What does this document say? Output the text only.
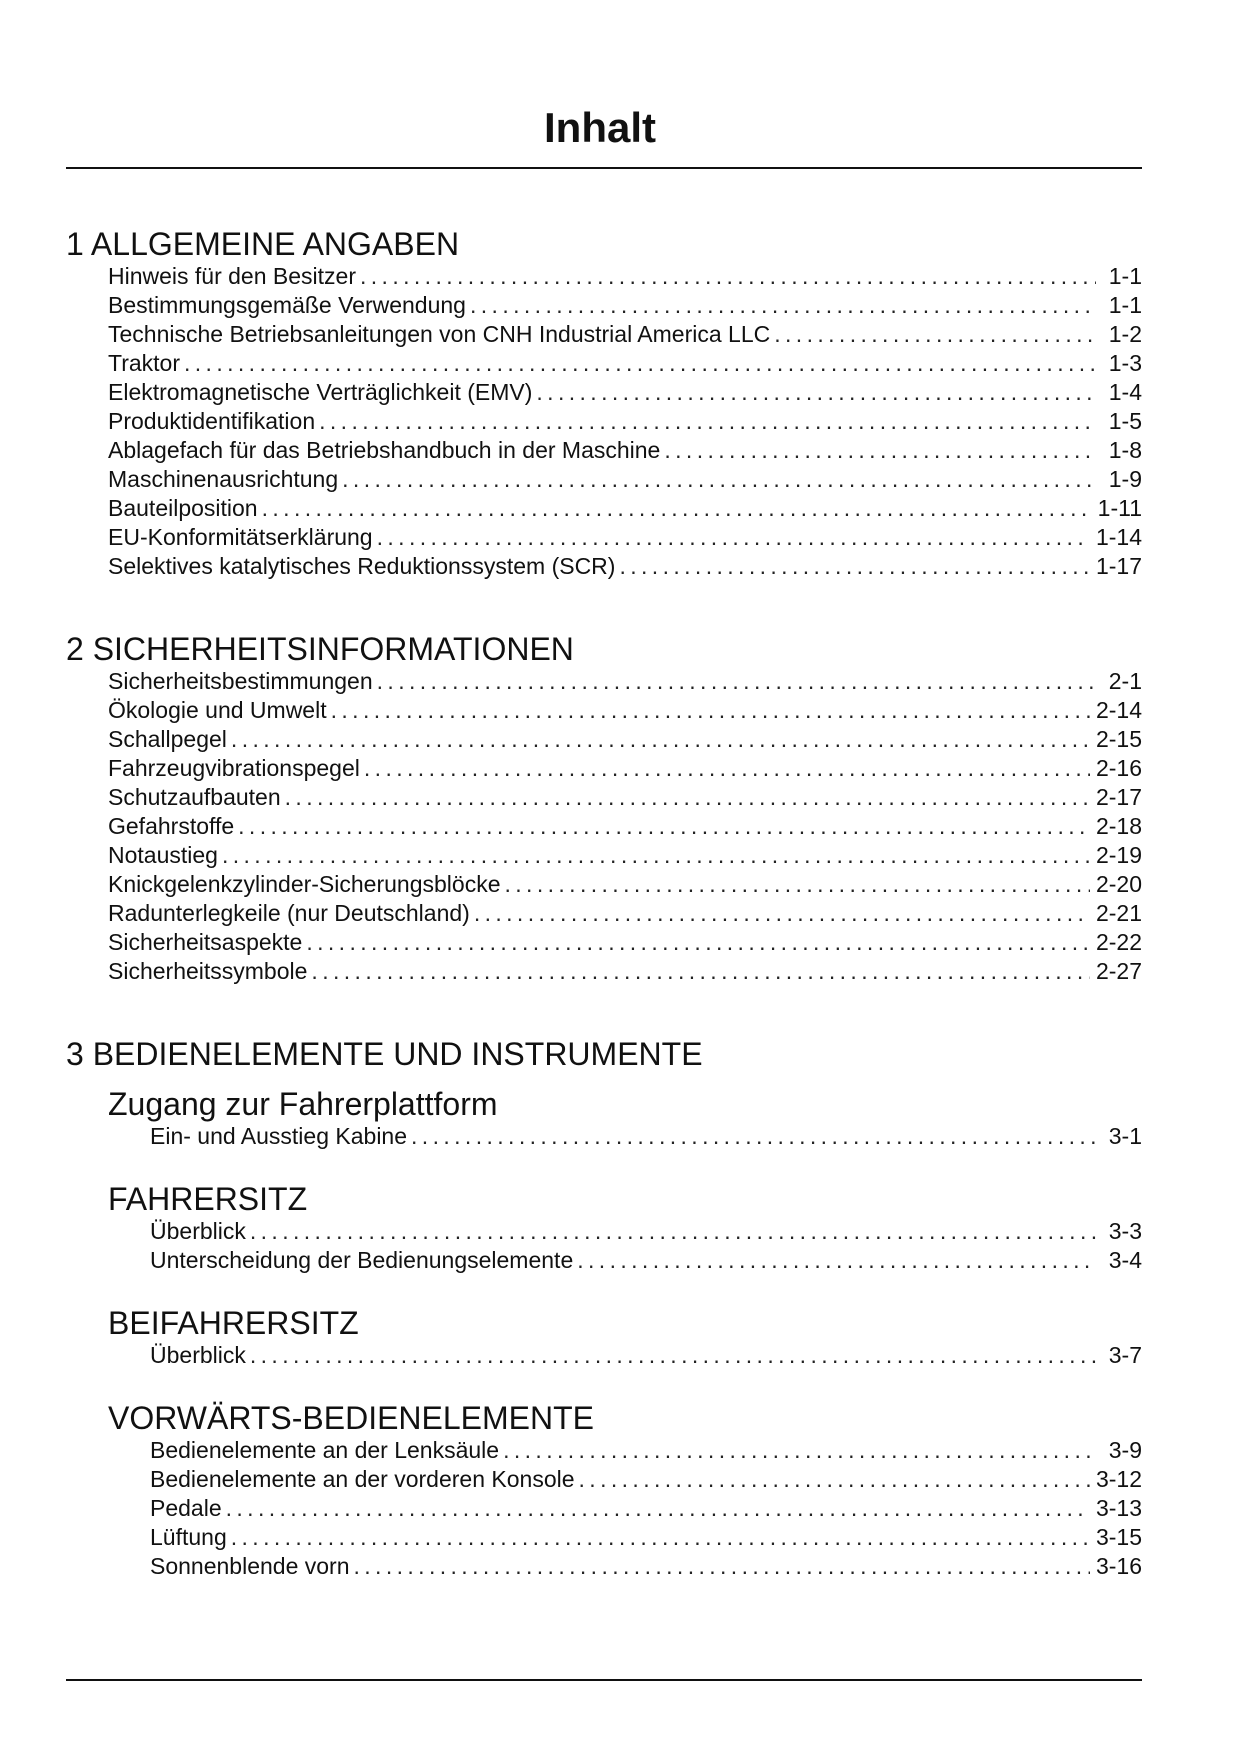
Inhalt
1 ALLGEMEINE ANGABEN
Hinweis für den Besitzer . . .	1-1
Bestimmungsgemäße Verwendung . . .	1-1
Technische Betriebsanleitungen von CNH Industrial America LLC . . .	1-2
Traktor . . .	1-3
Elektromagnetische Verträglichkeit (EMV) . . .	1-4
Produktidentifikation . . .	1-5
Ablagefach für das Betriebshandbuch in der Maschine . . .	1-8
Maschinenausrichtung . . .	1-9
Bauteilposition . . .	1-11
EU-Konformitätserklärung . . .	1-14
Selektives katalytisches Reduktionssystem (SCR) . . .	1-17
2 SICHERHEITSINFORMATIONEN
Sicherheitsbestimmungen . . .	2-1
Ökologie und Umwelt . . .	2-14
Schallpegel . . .	2-15
Fahrzeugvibrationspegel . . .	2-16
Schutzaufbauten . . .	2-17
Gefahrstoffe . . .	2-18
Notaustieg . . .	2-19
Knickgelenkzylinder-Sicherungsblöcke . . .	2-20
Radunterlegkeile (nur Deutschland) . . .	2-21
Sicherheitsaspekte . . .	2-22
Sicherheitssymbole . . .	2-27
3 BEDIENELEMENTE UND INSTRUMENTE
Zugang zur Fahrerplattform
Ein- und Ausstieg Kabine . . .	3-1
FAHRERSITZ
Überblick . . .	3-3
Unterscheidung der Bedienungselemente . . .	3-4
BEIFAHRERSITZ
Überblick . . .	3-7
VORWÄRTS-BEDIENELEMENTE
Bedienelemente an der Lenksäule . . .	3-9
Bedienelemente an der vorderen Konsole . . .	3-12
Pedale . . .	3-13
Lüftung . . .	3-15
Sonnenblende vorn . . .	3-16
